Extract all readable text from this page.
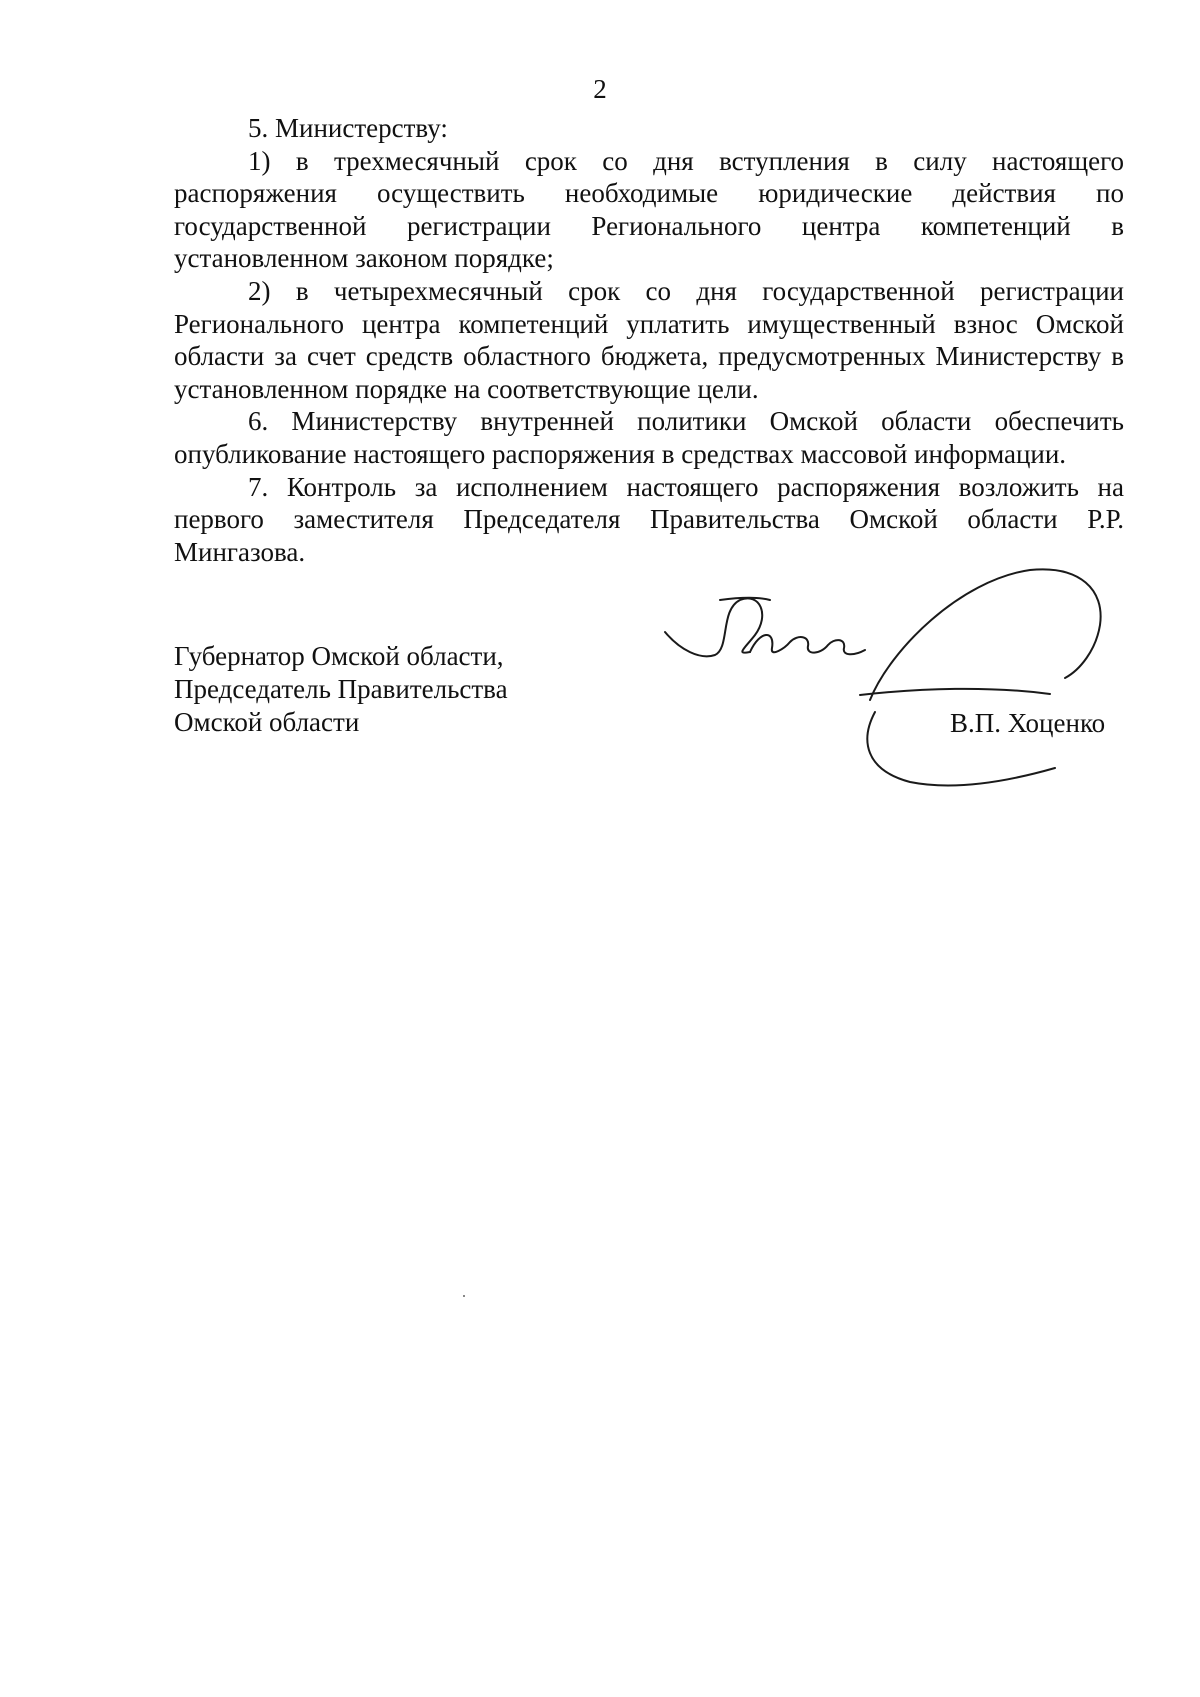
2

5. Министерству:

1) в трехмесячный срок со дня вступления в силу настоящего распоряжения осуществить необходимые юридические действия по государственной регистрации Регионального центра компетенций в установленном законом порядке;

2) в четырехмесячный срок со дня государственной регистрации Регионального центра компетенций уплатить имущественный взнос Омской области за счет средств областного бюджета, предусмотренных Министерству в установленном порядке на соответствующие цели.

6. Министерству внутренней политики Омской области обеспечить опубликование настоящего распоряжения в средствах массовой информации.

7. Контроль за исполнением настоящего распоряжения возложить на первого заместителя Председателя Правительства Омской области Р.Р. Мингазова.

Губернатор Омской области,
Председатель Правительства
Омской области	В.П. Хоценко
